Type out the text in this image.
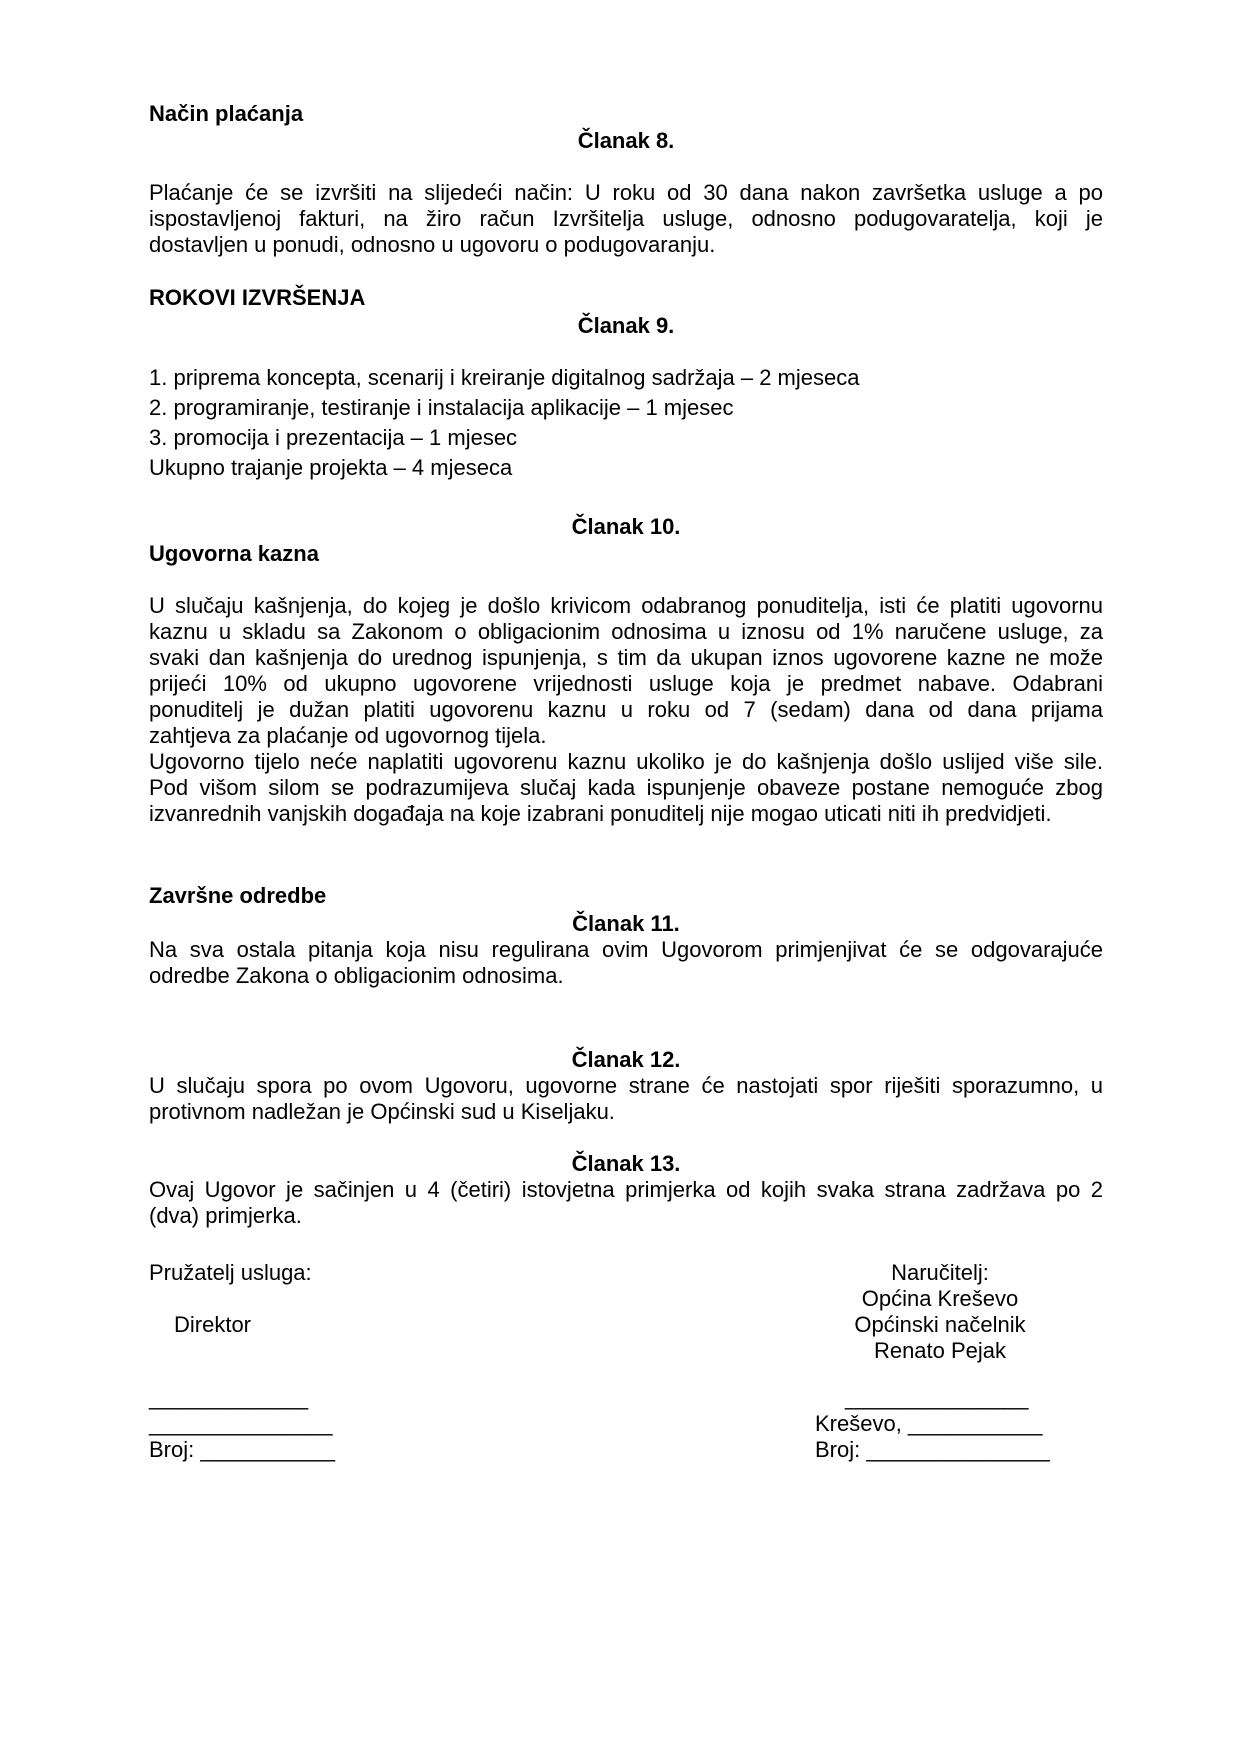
Način plaćanja
Članak 8.
Plaćanje će se izvršiti na slijedeći način: U roku od 30 dana nakon završetka usluge a po
ispostavljenoj fakturi, na žiro račun Izvršitelja usluge, odnosno podugovaratelja, koji je
dostavljen u ponudi, odnosno u ugovoru o podugovaranju.
ROKOVI IZVRŠENJA
Članak 9.
1. priprema koncepta, scenarij i kreiranje digitalnog sadržaja – 2 mjeseca
2. programiranje, testiranje i instalacija aplikacije – 1 mjesec
3. promocija i prezentacija – 1 mjesec
Ukupno trajanje projekta – 4 mjeseca
Članak 10.
Ugovorna kazna
U slučaju kašnjenja, do kojeg je došlo krivicom odabranog ponuditelja, isti će platiti ugovornu
kaznu u skladu sa Zakonom o obligacionim odnosima u iznosu od 1% naručene usluge, za
svaki dan kašnjenja do urednog ispunjenja, s tim da ukupan iznos ugovorene kazne ne može
prijeći 10% od ukupno ugovorene vrijednosti usluge koja je predmet nabave. Odabrani
ponuditelj je dužan platiti ugovorenu kaznu u roku od 7 (sedam) dana od dana prijama
zahtjeva za plaćanje od ugovornog tijela.
Ugovorno tijelo neće naplatiti ugovorenu kaznu ukoliko je do kašnjenja došlo uslijed više sile.
Pod višom silom se podrazumijeva slučaj kada ispunjenje obaveze postane nemoguće zbog
izvanrednih vanjskih događaja na koje izabrani ponuditelj nije mogao uticati niti ih predvidjeti.
Završne odredbe
Članak 11.
Na sva ostala pitanja koja nisu regulirana ovim Ugovorom primjenjivat će se odgovarajuće
odredbe Zakona o obligacionim odnosima.
Članak 12.
U slučaju spora po ovom Ugovoru, ugovorne strane će nastojati spor riješiti sporazumno, u
protivnom nadležan je Općinski sud u Kiseljaku.
Članak 13.
Ovaj Ugovor je sačinjen u 4 (četiri) istovjetna primjerka od kojih svaka strana zadržava po 2
(dva) primjerka.
Pružatelj usluga:
Direktor
_____________
_______________
Broj: ___________
Naručitelj:
Općina Kreševo
Općinski načelnik
Renato Pejak
_______________
Kreševo, ___________
Broj: _______________
